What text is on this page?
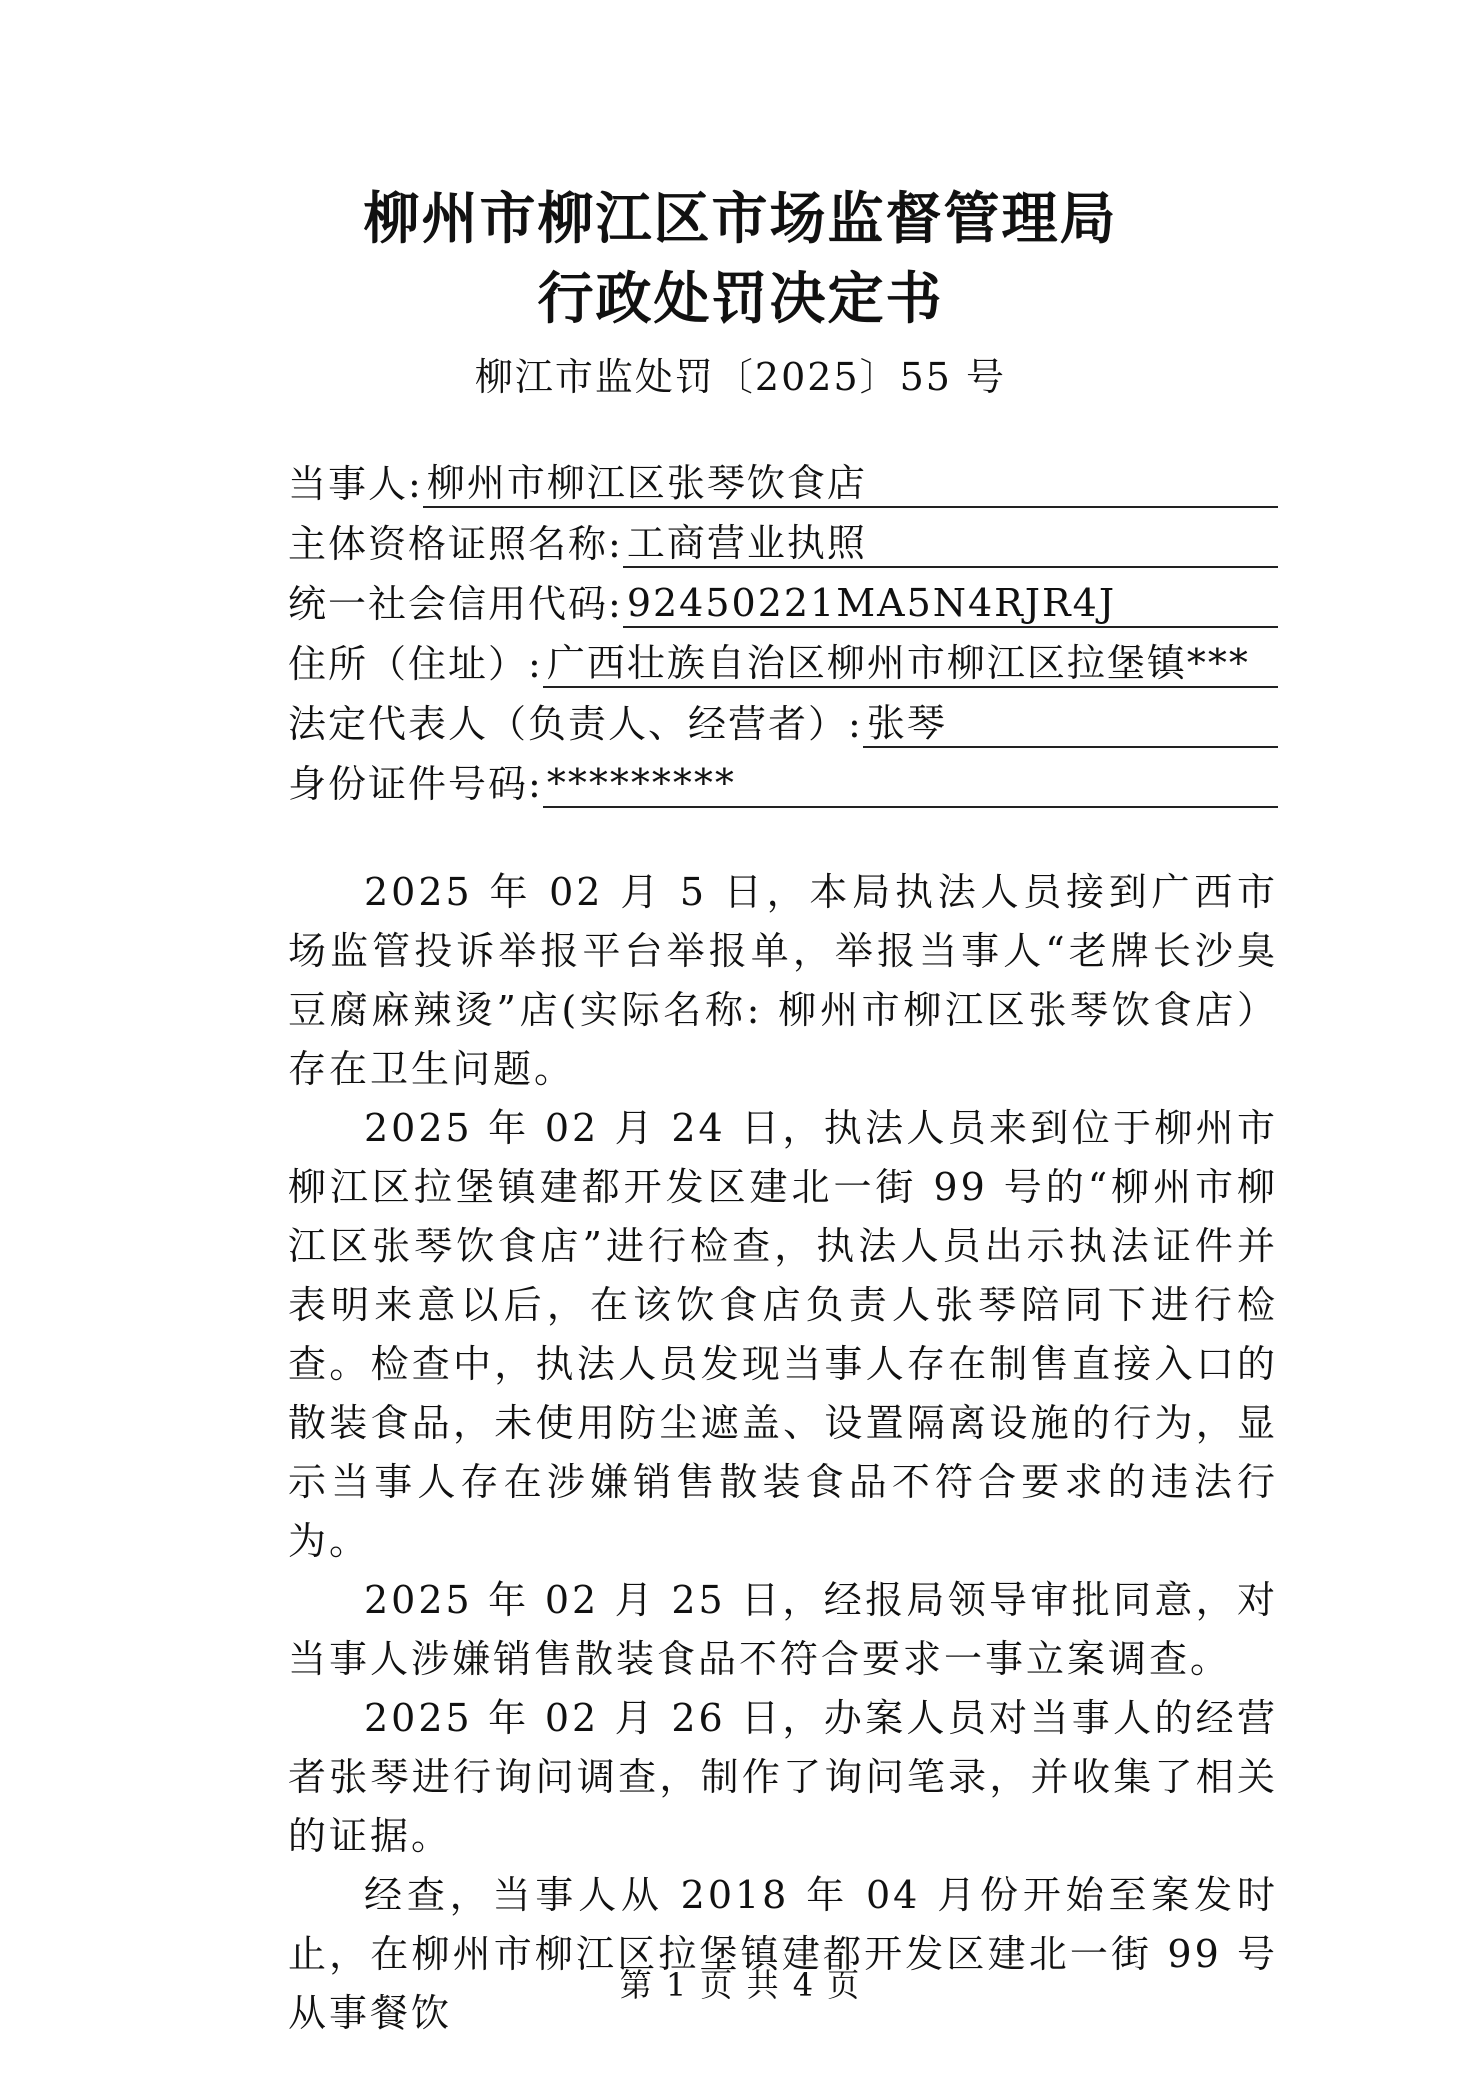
柳州市柳江区市场监督管理局
行政处罚决定书
柳江市监处罚〔2025〕55 号
当事人: 柳州市柳江区张琴饮食店
主体资格证照名称: 工商营业执照
统一社会信用代码: 92450221MA5N4RJR4J
住所（住址）: 广西壮族自治区柳州市柳江区拉堡镇***
法定代表人（负责人、经营者）: 张琴
身份证件号码: *********

2025 年 02 月 5 日，本局执法人员接到广西市场监管投诉举报平台举报单，举报当事人“老牌长沙臭豆腐麻辣烫”店(实际名称: 柳州市柳江区张琴饮食店）存在卫生问题。

2025 年 02 月 24 日，执法人员来到位于柳州市柳江区拉堡镇建都开发区建北一街 99 号的“柳州市柳江区张琴饮食店”进行检查，执法人员出示执法证件并表明来意以后，在该饮食店负责人张琴陪同下进行检查。检查中，执法人员发现当事人存在制售直接入口的散装食品，未使用防尘遮盖、设置隔离设施的行为，显示当事人存在涉嫌销售散装食品不符合要求的违法行为。

2025 年 02 月 25 日，经报局领导审批同意，对当事人涉嫌销售散装食品不符合要求一事立案调查。

2025 年 02 月 26 日，办案人员对当事人的经营者张琴进行询问调查，制作了询问笔录，并收集了相关的证据。

经查，当事人从 2018 年 04 月份开始至案发时止，在柳州市柳江区拉堡镇建都开发区建北一街 99 号从事餐饮

第 1 页 共 4 页
